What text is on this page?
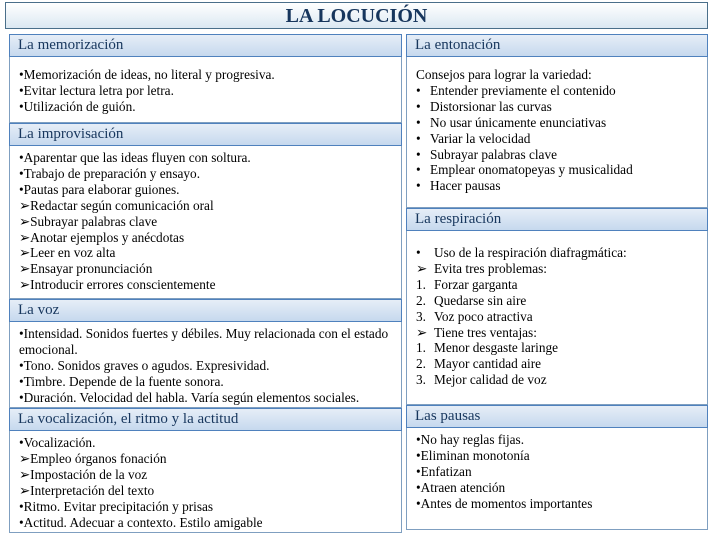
LA LOCUCIÓN
La memorización
•Memorización de ideas, no literal y progresiva.
•Evitar lectura letra por letra.
•Utilización de guión.
La improvisación
•Aparentar que las ideas fluyen con soltura.
•Trabajo de preparación y ensayo.
•Pautas para elaborar guiones.
➢Redactar según comunicación oral
➢Subrayar palabras clave
➢Anotar ejemplos y anécdotas
➢Leer en voz alta
➢Ensayar pronunciación
➢Introducir errores conscientemente
La voz
•Intensidad. Sonidos fuertes y débiles. Muy relacionada con el estado emocional.
•Tono. Sonidos graves o agudos. Expresividad.
•Timbre. Depende de la fuente sonora.
•Duración. Velocidad del habla. Varía según elementos sociales.
La vocalización, el ritmo y la actitud
•Vocalización.
➢Empleo órganos fonación
➢Impostación de la voz
➢Interpretación del texto
•Ritmo. Evitar precipitación y prisas
•Actitud. Adecuar a contexto. Estilo amigable
La entonación
Consejos para lograr la variedad:
• Entender previamente el contenido
• Distorsionar las curvas
• No usar únicamente enunciativas
• Variar la velocidad
• Subrayar palabras clave
• Emplear onomatopeyas y musicalidad
• Hacer pausas
La respiración
• Uso de la respiración diafragmática:
➢ Evita tres problemas:
1. Forzar garganta
2. Quedarse sin aire
3. Voz poco atractiva
➢ Tiene tres ventajas:
1. Menor desgaste laringe
2. Mayor cantidad aire
3. Mejor calidad de voz
Las pausas
•No hay reglas fijas.
•Eliminan monotonía
•Enfatizan
•Atraen atención
•Antes de momentos importantes
